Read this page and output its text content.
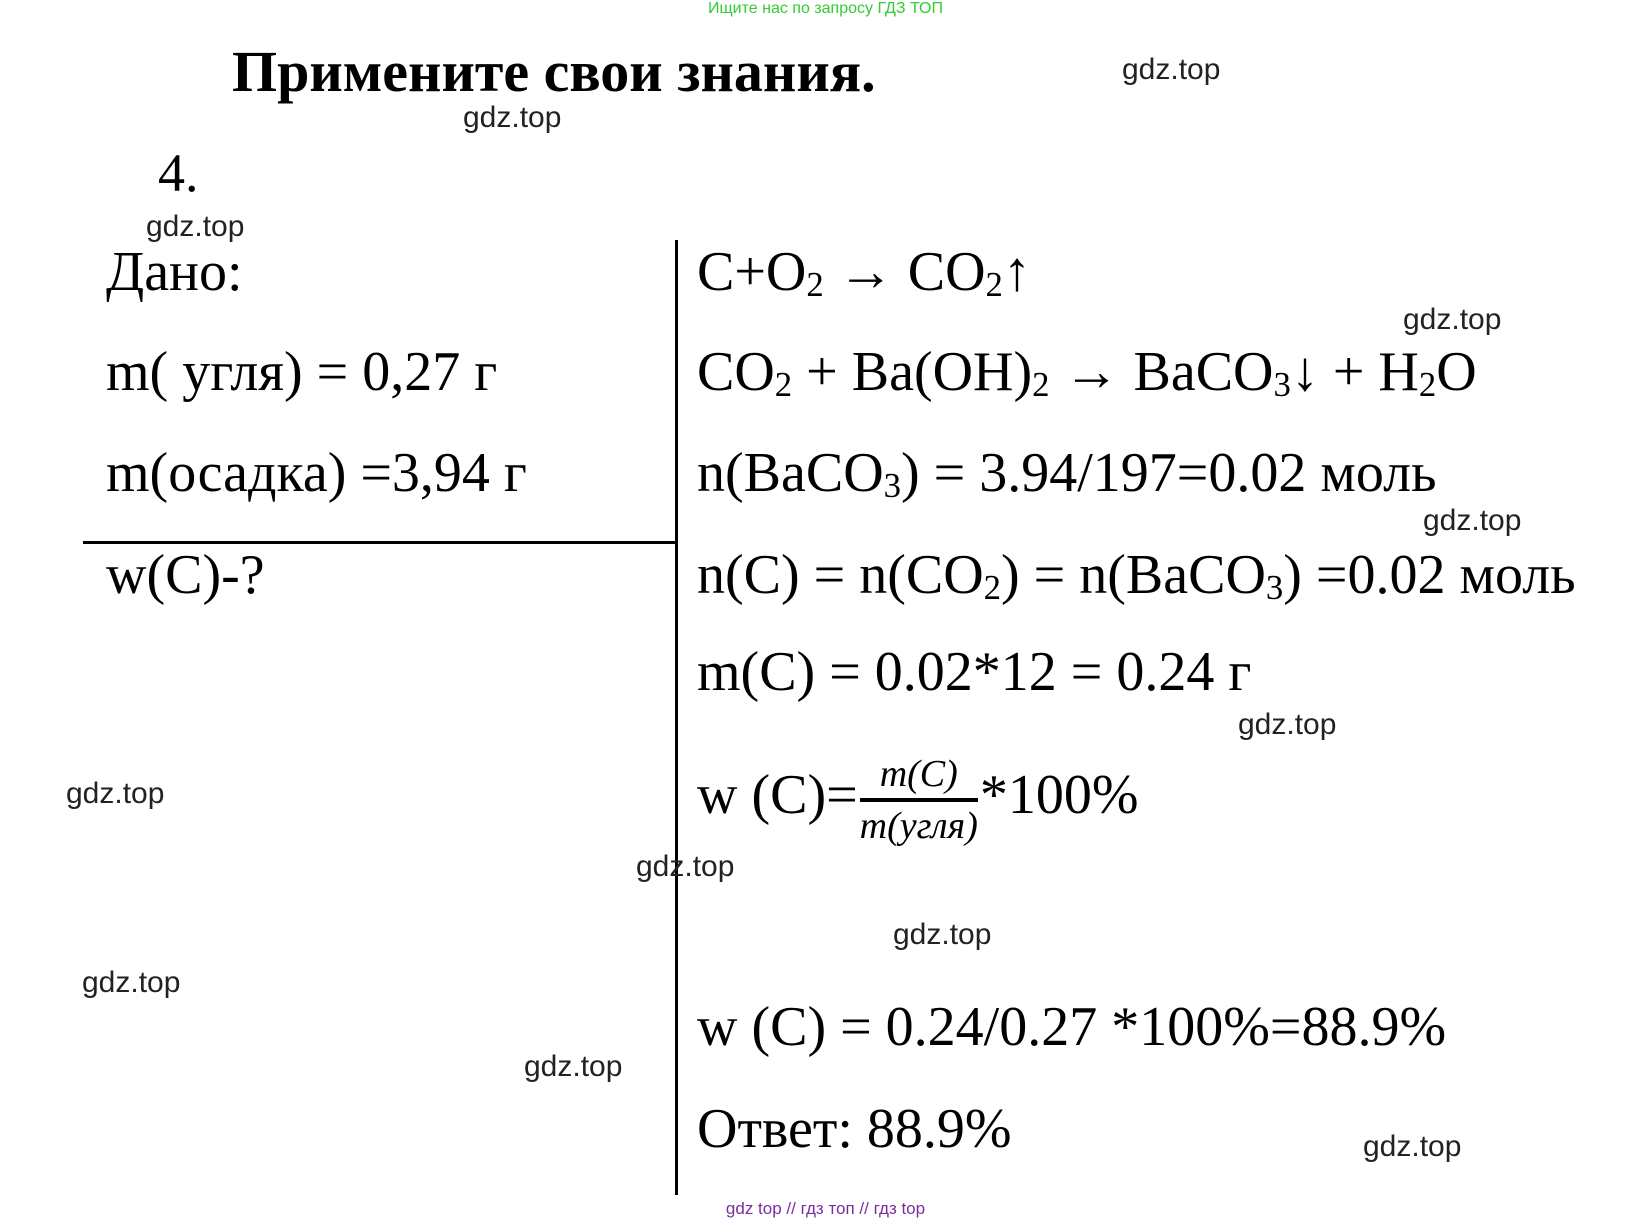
Ищите нас по запросу ГДЗ ТОП
Примените свои знания.
4.
Дано:
m( угля) = 0,27 г
m(осадка) =3,94 г
w(C)-?
$C+O_2$ → $CO_2↑$
$CO_2 + Ba(OH)_2$ → BaCO$_3$↓ + $H_2O$
n(BaCO$_3$) = 3.94/197=0.02 моль
$n(C) = n(CO_2)$ = n(BaCO$_3$) =0.02 моль
m(C) = 0.02*12 = 0.24 г
w $(C)= \frac{m(C)}{\text{m(угля)}} *100\%$
w (C) = 0.24/0.27 *100%=88.9%
Ответ: 88.9%
gdz.top
gdz.top
gdz.top
gdz.top
gdz.top
gdz.top
gdz.top
gdz.top
gdz.top
gdz.top
gdz.top
gdz.top
gdz top // гдз топ // гдз top
